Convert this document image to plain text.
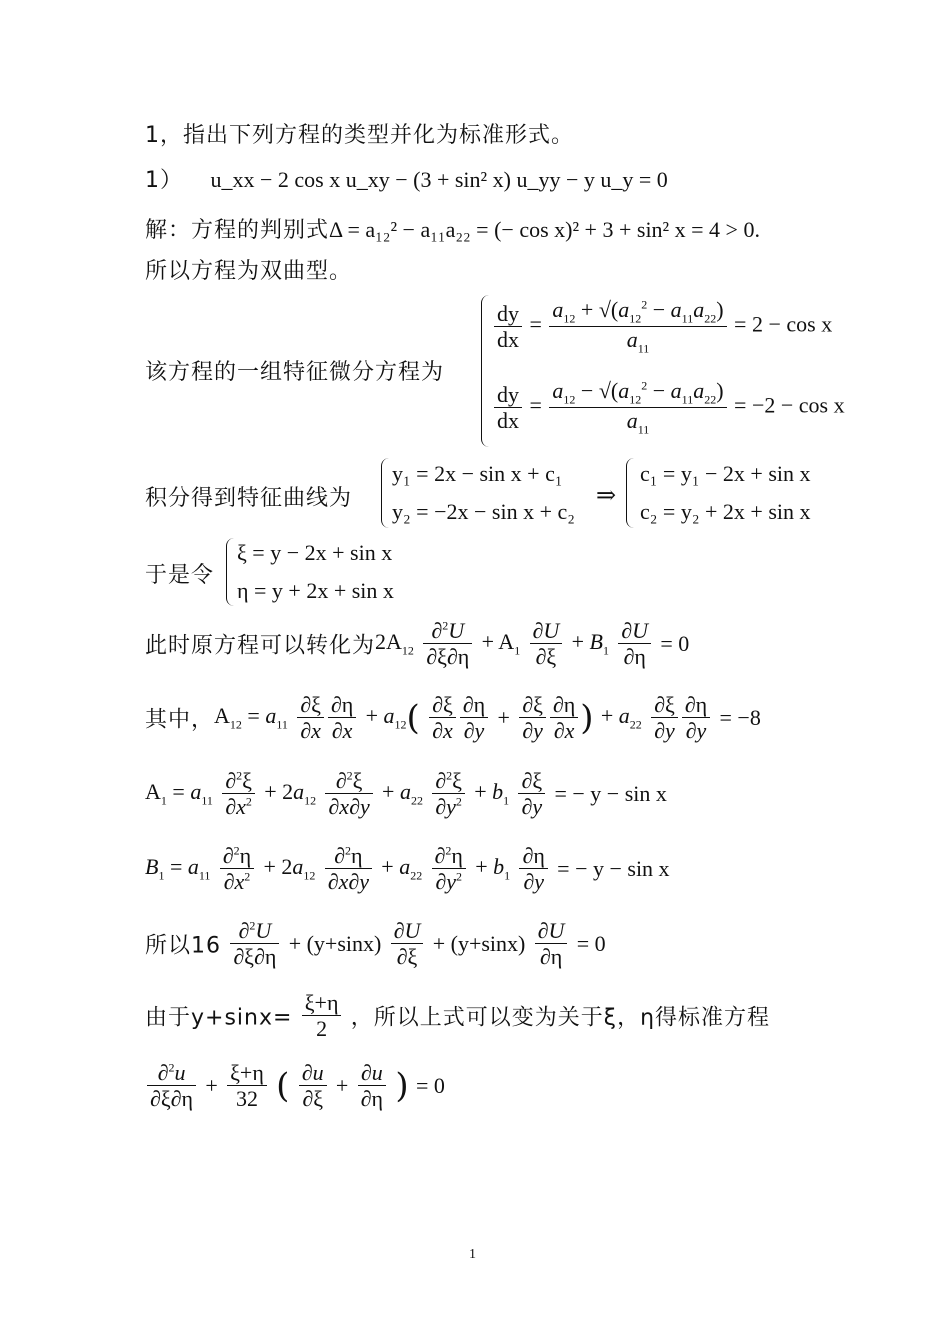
1，指出下列方程的类型并化为标准形式。
1） u_xx − 2 cos x u_xy − (3 + sin² x) u_yy − y u_y = 0
解：方程的判别式Δ = a₁₂² − a₁₁a₂₂ = (− cos x)² + 3 + sin² x = 4 > 0.
所以方程为双曲型。
该方程的一组特征微分方程为
$\frac{dy}{dx} = \frac{a_{12} + √(a_{12}^2 - a_{11}a_{22})}{a_{11}} = 2 - \cos x$
$\frac{dy}{dx} = \frac{a_{12} - √(a_{12}^2 - a_{11}a_{22})}{a_{11}} = -2 - \cos x$
积分得到特征曲线为
y₁ = 2x − sin x + c₁
y₂ = −2x − sin x + c₂
⇒
c₁ = y₁ − 2x + sin x
c₂ = y₂ + 2x + sin x
于是令
ξ = y − 2x + sin x
η = y + 2x + sin x
此时原方程可以转化为$2A_{12} \frac{\partial^2U}{\partial\xi\partial\eta} + A_1 \frac{\partial U}{\partial\xi} + B_1 \frac{\partial U}{\partial\eta} = 0$
其中，$A_{12} = a_{11} \frac{\partial\xi}{\partial x} \frac{\partial\eta}{\partial x} + a_{12}( \frac{\partial\xi}{\partial x} \frac{\partial\eta}{\partial y} + \frac{\partial\xi}{\partial y} \frac{\partial\eta}{\partial x}$ ) + $a_{22} \frac{\partial\xi}{\partial y} \frac{\partial\eta}{\partial y} = -8$
$A_1 = a_{11} \frac{\partial^2\xi}{\partial x^2} + 2a_{12} \frac{\partial^2\xi}{\partial x\partial y} + a_{22} \frac{\partial^2\xi}{\partial y^2} + b_1 \frac{\partial\xi}{\partial y}$ = − y − sin x
$B_1 = a_{11} \frac{\partial^2\eta}{\partial x^2} + 2a_{12} \frac{\partial^2\eta}{\partial x\partial y} + a_{22} \frac{\partial^2\eta}{\partial y^2} + b_1 \frac{\partial\eta}{\partial y}$ = − y − sin x
所以$16 \frac{\partial^2U}{\partial\xi\partial\eta} + (y+\sin x) \frac{\partial U}{\partial\xi} + (y+\sin x) \frac{\partial U}{\partial\eta} = 0$
由于$y+\sin x= \frac{\xi+\eta}{2}$ ，所以上式可以变为关于ξ，η得标准方程
$\frac{\partial^2u}{\partial\xi\partial\eta} + \frac{\xi+\eta}{32}$ ( $\frac{\partial u}{\partial\xi} + \frac{\partial u}{\partial\eta}$ ) = 0
1
